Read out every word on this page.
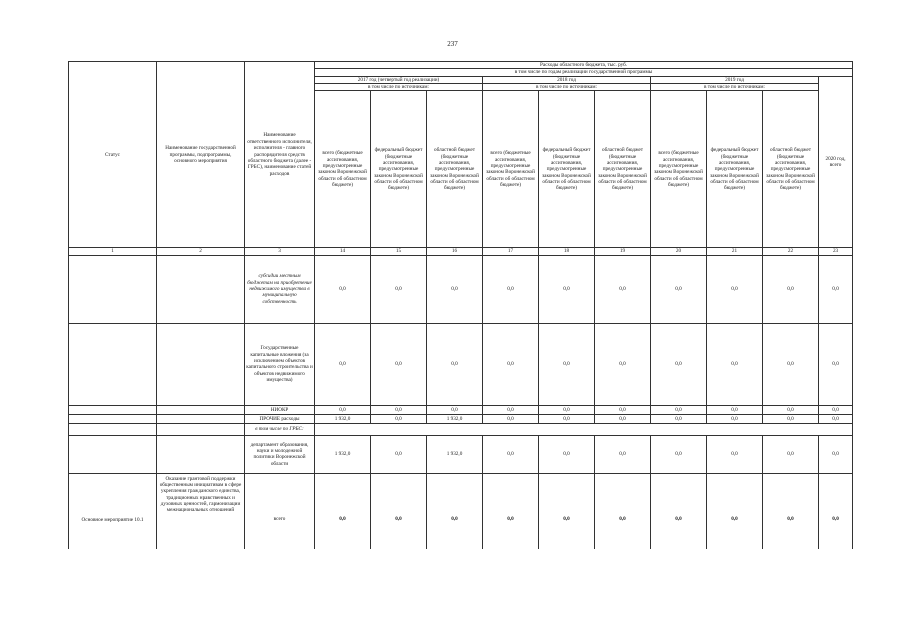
237
Статус	Наименование государственной программы, подпрограммы, основного мероприятия	Наименование ответственного исполнителя, исполнителя - главного распорядителя средств областного бюджета (далее - ГРБС), наименование статей расходов	Расходы областного бюджета, тыс. руб.									
			в том числе по годам реализации государственной программы									
			2017 год (четвертый год реализации)			2018 год			2019 год			2020 год, всего
			в том числе по источникам:			в том числе по источникам:			в том числе по источникам:			
			всего (бюджетные ассигнования, предусмотренные законом Воронежской области об областном бюджете)	федеральный бюджет (бюджетные ассигнования, предусмотренные законом Воронежской области об областном бюджете)	областной бюджет (бюджетные ассигнования, предусмотренные законом Воронежской области об областном бюджете)	всего (бюджетные ассигнования, предусмотренные законом Воронежской области об областном бюджете)	федеральный бюджет (бюджетные ассигнования, предусмотренные законом Воронежской области об областном бюджете)	областной бюджет (бюджетные ассигнования, предусмотренные законом Воронежской области об областном бюджете)	всего (бюджетные ассигнования, предусмотренные законом Воронежской области об областном бюджете)	федеральный бюджет (бюджетные ассигнования, предусмотренные законом Воронежской области об областном бюджете)	областной бюджет (бюджетные ассигнования, предусмотренные законом Воронежской области об областном бюджете)	
1	2	3	14	15	16	17	18	19	20	21	22	23
		субсидии местным бюджетам на приобретение недвижимого имущества в муниципальную собственность	0,0	0,0	0,0	0,0	0,0	0,0	0,0	0,0	0,0	0,0
		Государственные капитальные вложения (за исключением объектов капитального строительства и объектов недвижимого имущества)	0,0	0,0	0,0	0,0	0,0	0,0	0,0	0,0	0,0	0,0
		НИОКР	0,0	0,0	0,0	0,0	0,0	0,0	0,0	0,0	0,0	0,0
		ПРОЧИЕ расходы	1 932,0	0,0	1 932,0	0,0	0,0	0,0	0,0	0,0	0,0	0,0
		в том числе по ГРБС:										
		департамент образования, науки и молодежной политики Воронежской области	1 932,0	0,0	1 932,0	0,0	0,0	0,0	0,0	0,0	0,0	0,0
Основное мероприятие 10.1	Оказание грантовой поддержки общественным инициативам в сфере укрепления гражданского единства, традиционных нравственных и духовных ценностей, гармонизации межнациональных отношений	всего	0,0	0,0	0,0	0,0	0,0	0,0	0,0	0,0	0,0	0,0
